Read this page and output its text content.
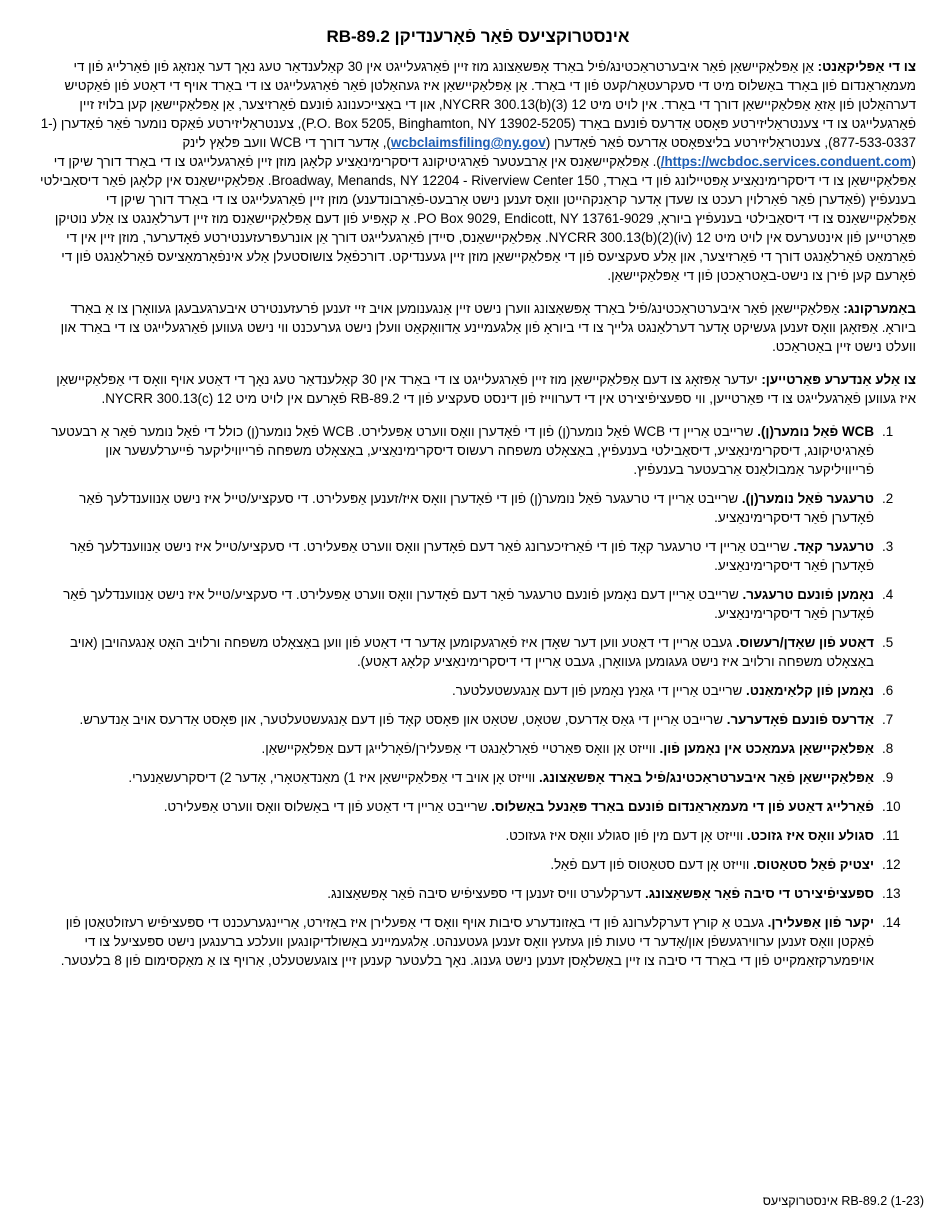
אינסטרוקציעס פֿאַר פֿאָרענדיקן RB-89.2

צו די אַפּליקאַנט: אַן אַפּלאַקייש‏אַן פֿאַר איבערטראַכטינג/פֿיל באַרד אָפּשאַצונג מוז זיין פֿאַרגעלייגט אין 30 קאַלענדאַר טעג נאָך דער אָנזאָג פֿון פֿאַרלייג פֿון די מעמאַראַנדום פֿון באַרד באַשלוס מיט די סעקרעטאַר/קעט פֿון די באַרד. אַן אַפּלאַקיישאַן איז געהאַלטן פֿאַר פֿאַרגעלייגט צו די באַרד אויף די דאַטע פֿון פֿאַקטיש דערהאַלטן פֿון אַזאַ אַפּלאַקייש‏אַן דורך די באַרד. אין לויט מיט 12 NYCRR 300.13(b)(3), און די באַצייכענונג פֿונעם פֿאַרזיצער, אַן אַפּלאַקיישאַן קען בלויז זיין פֿאַרגעלייגט צו די צענטראַליזירטע פּאָסט אַדרעס פֿונעם באַרד (P.O. Box 5205, Binghamton, NY 13902-5205), צענטראַליזירטע פֿאַקס נומער פֿאַר פֿאַדערן (1-877-533-0337), צענטראַליזירטע בליצפּאָסט אַדרעס פֿאַר פֿאַדערן (wcbclaimsfiling@ny.gov), אָדער דורך די WCB וועב פּלאַץ לינק (https://wcbdoc.services.conduent.com/). אַפּלאַקיישאַנס אין אַרבעטער פֿאַרגיטיקונג דיסקרימינאַציע קלאָגן מוזן זיין פֿאַרגעלייגט צו די באַרד דורך שיקן די אַפּלאַקיישאַן צו די דיסקרימינאַציע אָפּטיילונג פֿון די באַרד, 150 Broadway, Menands, NY 12204 - Riverview Center. אַפּלאַקיישאַנס אין קלאָגן פֿאַר דיסאַבילטי בענעפֿיץ (פֿאַדערן פֿאַר פֿאַרלוין רעכט צו שעדן אָדער קראַנקהייטן וואָס זענען נישט אַרבעט-פֿאַרבונדענע) מוזן זיין פֿאַרגעלייגט צו די באַרד דורך שיקן די אַפּלאַקיישאַנס צו די דיסאַבילטי בענעפֿיץ ביוראָ, PO Box 9029, Endicott, NY 13761-9029. אַ קאָפּיע פֿון דעם אַפּלאַקיישאַנס מוז זיין דערלאַנגט צו אַלע נוטיקן פּאַרטייען פֿון אינטערעס אין לויט מיט 12 NYCRR 300.13(b)(2)(iv). אַפּלאַקיישאַנס, סיידן פֿאַרגעלייגט דורך אַן אונרעפּרעזענטירטע פֿאָדערער, מוזן זיין אין די פֿאַרמאַט פֿאַרלאַנגט דורך די פֿאַרזיצער, און אַלע סעקציעס פֿון די אַפּלאַקיישאַן מוזן זיין געענדיקט. דורכפֿאַל צושוסטעלן אַלע אינפֿאָרמאַציעס פֿאַרלאַנגט פֿון די פֿאָרעם קען פֿירן צו נישט-באַטראַכטן פֿון די אַפּלאַקיישאַן.

באַמערקונג: אַפּלאַקיישאַן פֿאַר איבערטראַכטינג/פֿיל באַרד אָפּשאַצונג װערן נישט זיין אַנגענומען אויב זיי זענען פֿרעזענטירט איבערגעבעגן געוואָרן צו אַ באַרד ביוראָ. אַפּזאָגן װאָס זענען געשיקט אָדער דערלאַנגט גלייך צו די ביוראָ פֿון אַלגעמיינע אַדוואָקאַט װעלן נישט גערעכנט ווי נישט געווען פֿאַרגעלייגט צו די באַרד און וועלט נישט זיין באַטראַכט.

צו אַלע אַנדערע פּאַרטייען: יעדער אַפּזאָג צו דעם אַפּלאַקיישאַן מוז זיין פֿאַרגעלייגט צו די באַרד אין 30 קאַלענדאַר טעג נאָך די דאַטע אויף וואָס די אַפּלאַקיישאַן איז געווען פֿאַרגעלייגט צו די פּאַרטייען, ווי ספּעציפֿיצירט אין די דערווייז פֿון דינסט סעקציע פֿון די RB-89.2 פֿאָרעם אין לויט מיט 12 NYCRR 300.13(c).

1.
WCB פֿאַל נומער(ן). שרייבט אַריין די WCB פֿאַל נומער(ן) פֿון די פֿאָדערן וואָס ווערט אַפּעלירט. WCB פֿאַל נומער(ן) כולל די פֿאַל נומער פֿאַר אַ רבעטער פֿאַרגיטיקונג, דיסקרימינאַציע, דיסאַבילטי בענעפֿיץ, באַצאָלט משפחה רעשוס דיסקרימינאַציע, באַצאָלט משפּחה פֿרייוויליקער פֿייערלעשער און פֿרייוויליקער אַמבולאַנס אַרבעטער בענעפֿיץ.
2.
טרעגער פֿאַל נומער(ן). שרייבט אַריין די טרעגער פֿאַל נומער(ן) פֿון די פֿאָדערן וואָס איז/זענען אַפּעלירט. די סעקציע/טייל איז נישט אַנווענדלעך פֿאַר פֿאָדערן פֿאַר דיסקרימינאַציע.
3.
טרעגער קאָד. שרייבט אַריין די טרעגער קאָד פֿון די פֿאַרזיכערונג פֿאַר דעם פֿאָדערן וואָס ווערט אַפּעלירט. די סעקציע/טייל איז נישט אַנווענדלעך פֿאַר פֿאָדערן פֿאַר דיסקרימינאַציע.
4.
נאָמען פֿונעם טרעגער. שרייבט אַריין דעם נאָמען פֿונעם טרעגער פֿאַר דעם פֿאָדערן וואָס ווערט אַפּעלירט. די סעקציע/טייל איז נישט אַנווענדלעך פֿאַר פֿאָדערן פֿאַר דיסקרימינאַציע.
5.
דאַטע פֿון שאָדן/רעשוס. געבט אַריין די דאַטע ווען דער שאָדן איז פֿאַרגעקומען אָדער די דאַטע פֿון ווען באַצאָלט משפחה ורלויב האָט אָנגעהויבן (אויב באַצאָלט משפחה ורלויב איז נישט געגומען געוואָרן, געבט אַריין די דיסקרימינאַציע קלאָג דאַטע).
6.
נאָמען פֿון קלאַימאַנט. שרייבט אַריין די גאַנץ נאָמען פֿון דעם אַנגעשטעלטער.
7.
אַדרעס פֿונעם פֿאָדערער. שרייבט אַריין די גאַס אַדרעס, שטאָט, שטאַט און פּאָסט קאָד פֿון דעם אַנגעשטעלטער, און פּאָסט אַדרעס אויב אַנדערש.
8.
אַפּלאַקיישאַן געמאַכט אין נאָמען פֿון. ווייזט אָן וואָס פּאַרטיי פֿאַרלאַנגט די אַפּעלירן/פֿאָרלייגן דעם אַפּלאַקיישאַן.
9.
אַפּלאַקיישאַן פֿאַר איבערטראַכטינג/פֿיל באַרד אָפּשאַצונג. ווייזט אָן אויב די אַפּלאַקיישאַן איז 1) מאַנדאַטאָרי, אָדער 2) דיסקרעשאַנערי.
10.
פֿאַרלייג דאַטע פֿון די מעמאַראַנדום פֿונעם באַרד פּאַנעל באַשלוס. שרייבט אַריין די דאַטע פֿון די באַשלוס וואָס ווערט אַפּעלירט.
11.
סגולע וואָס איז גזוכט. ווייזט אָן דעם מין פֿון סגולע וואָס איז געזוכט.
12.
יצטיק פֿאַל סטאַטוס. ווייזט אָן דעם סטאַטוס פֿון דעם פֿאַל.
13.
ספּעציפֿיצירט די סיבה פֿאַר אָפּשאַצונג. דערקלערט וויס זענען די ספּעציפֿיש סיבה פֿאַר אָפּשאַצונג.
14.
יקער פֿון אַפּעלירן. געבט אַ קורץ דערקלערונג פֿון די באַזונדערע סיבות אויף וואָס די אַפּעלירן איז באַזירט, אַריינגערעכנט די ספּעציפֿיש רעזולטאַטן פֿון פֿאַקטן וואָס זענען ערווירגעשפֿן און/אָדער די טעות פֿון געזעץ וואָס זענען געטענהט. אַלגעמיינע באַשולדיקונגען וועלכע ברענגען נישט ספּעציעל צו די אויפמערקזאַמקייט פֿון די באַרד די סיבה צו זיין באַשלאָסן זענען נישט גענוג. נאָך בלעטער קענען זיין צוגעשטעלט, אַרויף צו אַ מאַקסימום פֿון 8 בלעטער.
RB-89.2 (1-23) אינסטרוקציעס
